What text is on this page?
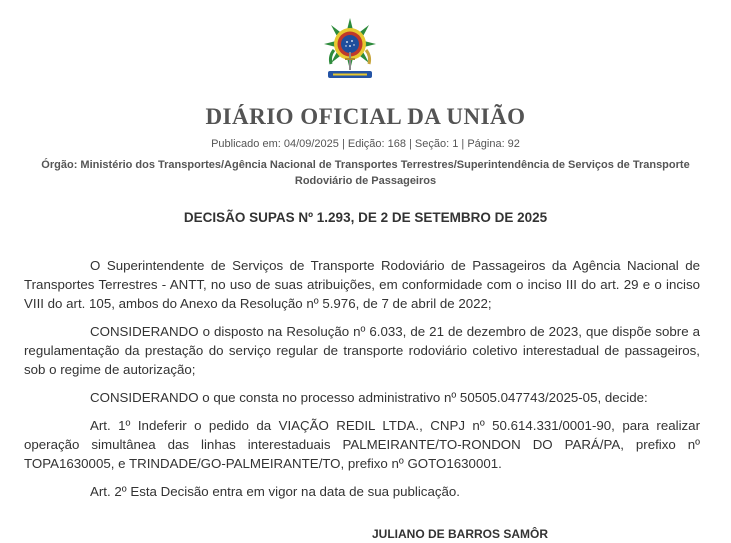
DIÁRIO OFICIAL DA UNIÃO
Publicado em: 04/09/2025 | Edição: 168 | Seção: 1 | Página: 92
Órgão: Ministério dos Transportes/Agência Nacional de Transportes Terrestres/Superintendência de Serviços de Transporte Rodoviário de Passageiros
DECISÃO SUPAS Nº 1.293, DE 2 DE SETEMBRO DE 2025

O Superintendente de Serviços de Transporte Rodoviário de Passageiros da Agência Nacional de Transportes Terrestres - ANTT, no uso de suas atribuições, em conformidade com o inciso III do art. 29 e o inciso VIII do art. 105, ambos do Anexo da Resolução nº 5.976, de 7 de abril de 2022;

CONSIDERANDO o disposto na Resolução nº 6.033, de 21 de dezembro de 2023, que dispõe sobre a regulamentação da prestação do serviço regular de transporte rodoviário coletivo interestadual de passageiros, sob o regime de autorização;

CONSIDERANDO o que consta no processo administrativo nº 50505.047743/2025-05, decide:

Art. 1º Indeferir o pedido da VIAÇÃO REDIL LTDA., CNPJ nº 50.614.331/0001-90, para realizar operação simultânea das linhas interestaduais PALMEIRANTE/TO-RONDON DO PARÁ/PA, prefixo nº TOPA1630005, e TRINDADE/GO-PALMEIRANTE/TO, prefixo nº GOTO1630001.

Art. 2º Esta Decisão entra em vigor na data de sua publicação.

JULIANO DE BARROS SAMÔR
